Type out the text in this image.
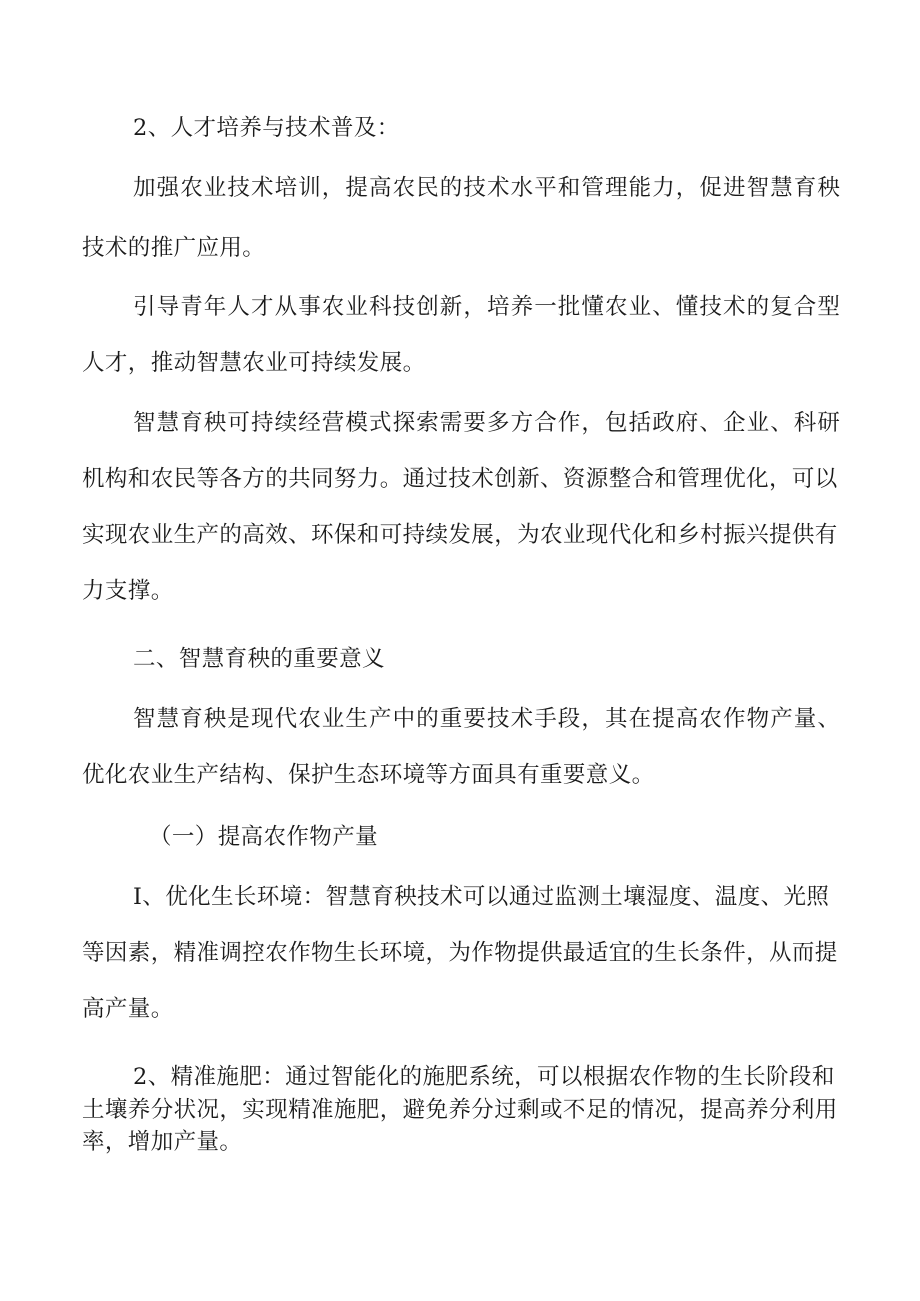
2、人才培养与技术普及：
加强农业技术培训，提高农民的技术水平和管理能力，促进智慧育秧
技术的推广应用。
引导青年人才从事农业科技创新，培养一批懂农业、懂技术的复合型
人才，推动智慧农业可持续发展。
智慧育秧可持续经营模式探索需要多方合作，包括政府、企业、科研
机构和农民等各方的共同努力。通过技术创新、资源整合和管理优化，可以
实现农业生产的高效、环保和可持续发展，为农业现代化和乡村振兴提供有
力支撑。
二、智慧育秧的重要意义
智慧育秧是现代农业生产中的重要技术手段，其在提高农作物产量、
优化农业生产结构、保护生态环境等方面具有重要意义。
（一）提高农作物产量
I、优化生长环境：智慧育秧技术可以通过监测土壤湿度、温度、光照
等因素，精准调控农作物生长环境，为作物提供最适宜的生长条件，从而提
高产量。
2、精准施肥：通过智能化的施肥系统，可以根据农作物的生长阶段和
土壤养分状况，实现精准施肥，避免养分过剩或不足的情况，提高养分利用
率，增加产量。
